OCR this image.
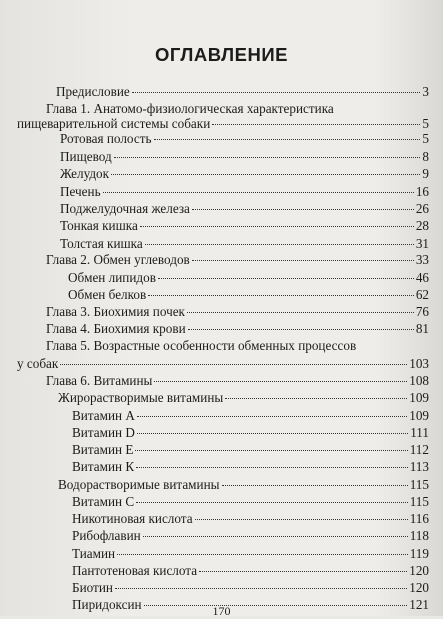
ОГЛАВЛЕНИЕ
Предисловие	3
Глава 1. Анатомо-физиологическая характеристика
пищеварительной системы собаки	5
Ротовая полость	5
Пищевод	8
Желудок	9
Печень	16
Поджелудочная железа	26
Тонкая кишка	28
Толстая кишка	31
Глава 2. Обмен углеводов	33
Обмен липидов	46
Обмен белков	62
Глава 3. Биохимия почек	76
Глава 4. Биохимия крови	81
Глава 5. Возрастные особенности обменных процессов
у собак	103
Глава 6. Витамины	108
Жирорастворимые витамины	109
Витамин А	109
Витамин D	111
Витамин Е	112
Витамин К	113
Водорастворимые витамины	115
Витамин С	115
Никотиновая кислота	116
Рибофлавин	118
Тиамин	119
Пантотеновая кислота	120
Биотин	120
Пиридоксин	121
170
